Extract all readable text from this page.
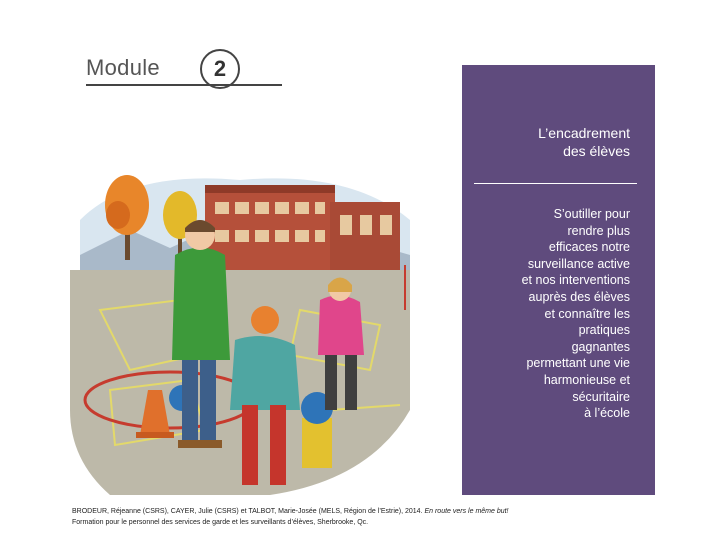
Module	2
L’encadrement
des élèves
S’outiller pour
rendre plus
efficaces notre
surveillance active
et nos interventions
auprès des élèves
et connaître les
pratiques
gagnantes
permettant une vie
harmonieuse et
sécuritaire
à l’école
BRODEUR, Réjeanne (CSRS), CAYER, Julie (CSRS) et TALBOT, Marie-Josée (MELS, Région de l’Estrie), 2014. En route vers le même but!
Formation pour le personnel des services de garde et les surveillants d’élèves, Sherbrooke, Qc.
